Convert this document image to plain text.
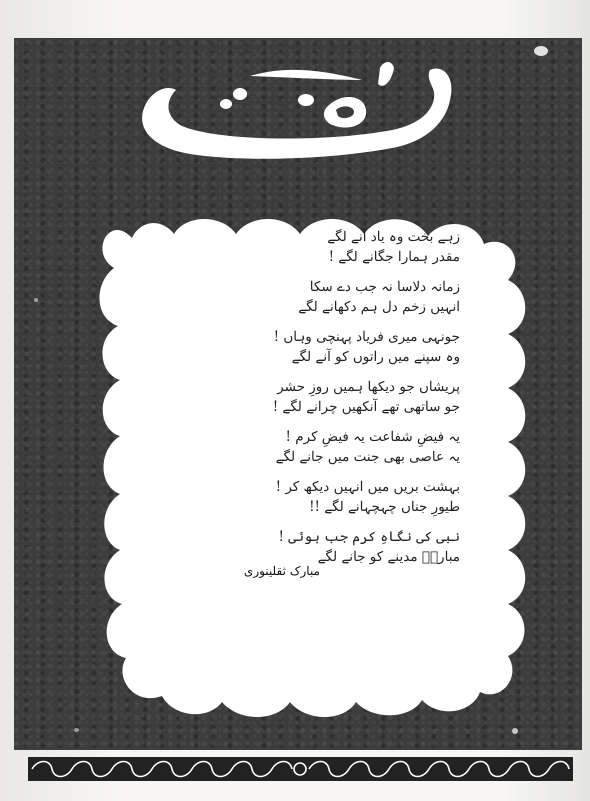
زہے بخت وہ یاد آنے لگے
مقدر ہمارا جگانے لگے !
زمانہ دلاسا نہ جب دے سکا
انہیں زخم دل ہم دکھانے لگے
جونہی میری فریاد پہنچی وہاں !
وہ سپنے میں راتوں کو آنے لگے
پریشاں جو دیکھا ہمیں روزِ حشر
جو ساتھی تھے آنکھیں چرانے لگے !
یہ فیضِ شفاعت یہ فیضِ کرم !
یہ عاصی بھی جنت میں جانے لگے
بہشت بریں میں انہیں دیکھ کر !
طیورِ جناں چہچہانے لگے !!
نبی کی نگاہِ کرم جب ہوئی !
مبارکؔ مدینے کو جانے لگے
مبارک ثقلینوری
